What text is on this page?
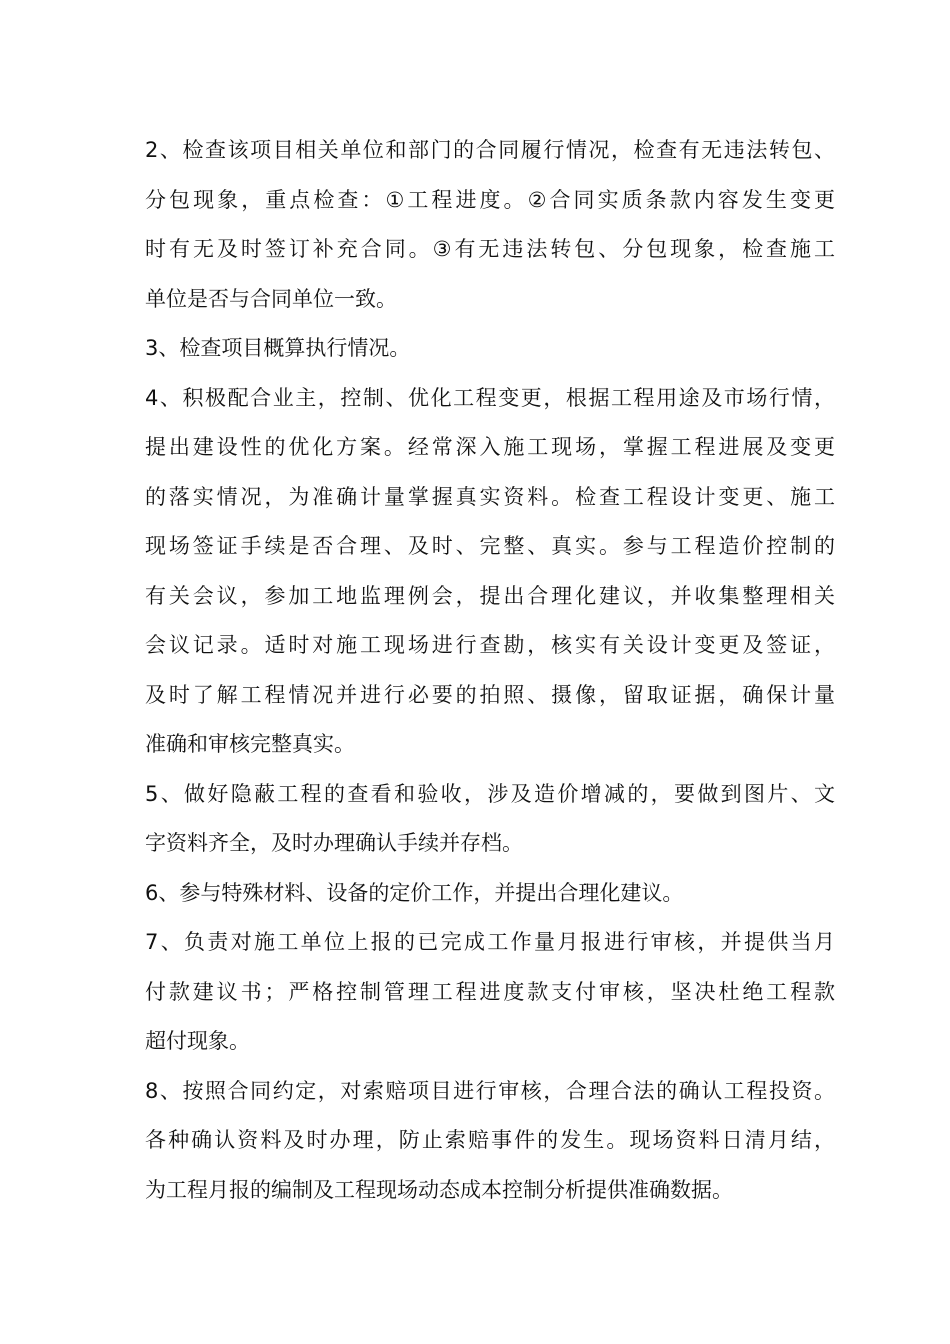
2、检查该项目相关单位和部门的合同履行情况，检查有无违法转包、
分包现象，重点检查：①工程进度。②合同实质条款内容发生变更
时有无及时签订补充合同。③有无违法转包、分包现象，检查施工
单位是否与合同单位一致。
3、检查项目概算执行情况。
4、积极配合业主，控制、优化工程变更，根据工程用途及市场行情，
提出建设性的优化方案。经常深入施工现场，掌握工程进展及变更
的落实情况，为准确计量掌握真实资料。检查工程设计变更、施工
现场签证手续是否合理、及时、完整、真实。参与工程造价控制的
有关会议，参加工地监理例会，提出合理化建议，并收集整理相关
会议记录。适时对施工现场进行查勘，核实有关设计变更及签证，
及时了解工程情况并进行必要的拍照、摄像，留取证据，确保计量
准确和审核完整真实。
5、做好隐蔽工程的查看和验收，涉及造价增减的，要做到图片、文
字资料齐全，及时办理确认手续并存档。
6、参与特殊材料、设备的定价工作，并提出合理化建议。
7、负责对施工单位上报的已完成工作量月报进行审核，并提供当月
付款建议书；严格控制管理工程进度款支付审核，坚决杜绝工程款
超付现象。
8、按照合同约定，对索赔项目进行审核，合理合法的确认工程投资。
各种确认资料及时办理，防止索赔事件的发生。现场资料日清月结，
为工程月报的编制及工程现场动态成本控制分析提供准确数据。
